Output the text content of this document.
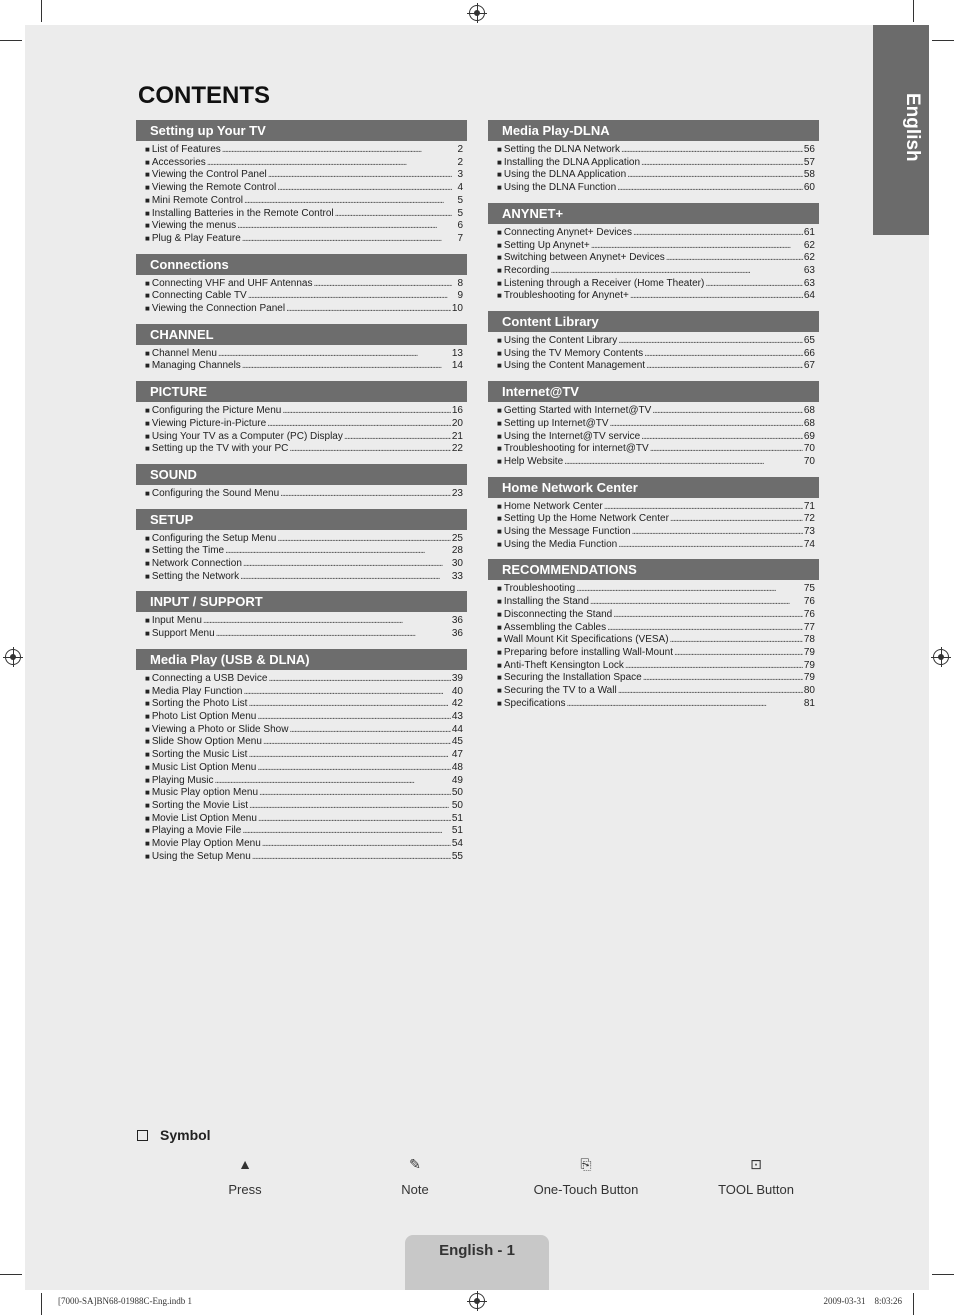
English
CONTENTS
Setting up Your TV
■ List of Features . . .	2
■ Accessories . . .	2
■ Viewing the Control Panel . . .	3
■ Viewing the Remote Control . . .	4
■ Mini Remote Control . . .	5
■ Installing Batteries in the Remote Control . . .	5
■ Viewing the menus . . .	6
■ Plug & Play Feature . . .	7
Connections
■ Connecting VHF and UHF Antennas . . .	8
■ Connecting Cable TV . . .	9
■ Viewing the Connection Panel . . .	10
CHANNEL
■ Channel Menu . . .	13
■ Managing Channels . . .	14
PICTURE
■ Configuring the Picture Menu . . .	16
■ Viewing Picture-in-Picture . . .	20
■ Using Your TV as a Computer (PC) Display . . .	21
■ Setting up the TV with your PC . . .	22
SOUND
■ Configuring the Sound Menu . . .	23
SETUP
■ Configuring the Setup Menu . . .	25
■ Setting the Time . . .	28
■ Network Connection . . .	30
■ Setting the Network . . .	33
INPUT / SUPPORT
■ Input Menu . . .	36
■ Support Menu . . .	36
Media Play (USB & DLNA)
■ Connecting a USB Device . . .	39
■ Media Play Function . . .	40
■ Sorting the Photo List . . .	42
■ Photo List Option Menu . . .	43
■ Viewing a Photo or Slide Show . . .	44
■ Slide Show Option Menu . . .	45
■ Sorting the Music List . . .	47
■ Music List Option Menu . . .	48
■ Playing Music . . .	49
■ Music Play option Menu . . .	50
■ Sorting the Movie List . . .	50
■ Movie List Option Menu . . .	51
■ Playing a Movie File . . .	51
■ Movie Play Option Menu . . .	54
■ Using the Setup Menu . . .	55
Media Play-DLNA
■ Setting the DLNA Network . . .	56
■ Installing the DLNA Application . . .	57
■ Using the DLNA Application . . .	58
■ Using the DLNA Function . . .	60
ANYNET+
■ Connecting Anynet+ Devices . . .	61
■ Setting Up Anynet+ . . .	62
■ Switching between Anynet+ Devices . . .	62
■ Recording . . .	63
■ Listening through a Receiver (Home Theater) . . .	63
■ Troubleshooting for Anynet+ . . .	64
Content Library
■ Using the Content Library . . .	65
■ Using the TV Memory Contents . . .	66
■ Using the Content Management . . .	67
Internet@TV
■ Getting Started with Internet@TV . . .	68
■ Setting up Internet@TV . . .	68
■ Using the Internet@TV service . . .	69
■ Troubleshooting for internet@TV . . .	70
■ Help Website . . .	70
Home Network Center
■ Home Network Center . . .	71
■ Setting Up the Home Network Center . . .	72
■ Using the Message Function . . .	73
■ Using the Media Function . . .	74
RECOMMENDATIONS
■ Troubleshooting . . .	75
■ Installing the Stand . . .	76
■ Disconnecting the Stand . . .	76
■ Assembling the Cables . . .	77
■ Wall Mount Kit Specifications (VESA) . . .	78
■ Preparing before installing Wall-Mount . . .	79
■ Anti-Theft Kensington Lock . . .	79
■ Securing the Installation Space . . .	79
■ Securing the TV to a Wall . . .	80
■ Specifications . . .	81
Symbol
▲
Press
✎
Note
⎘
One-Touch Button
⊡
TOOL Button
English - 1
[7000-SA]BN68-01988C-Eng.indb 1	2009-03-31    8:03:26
